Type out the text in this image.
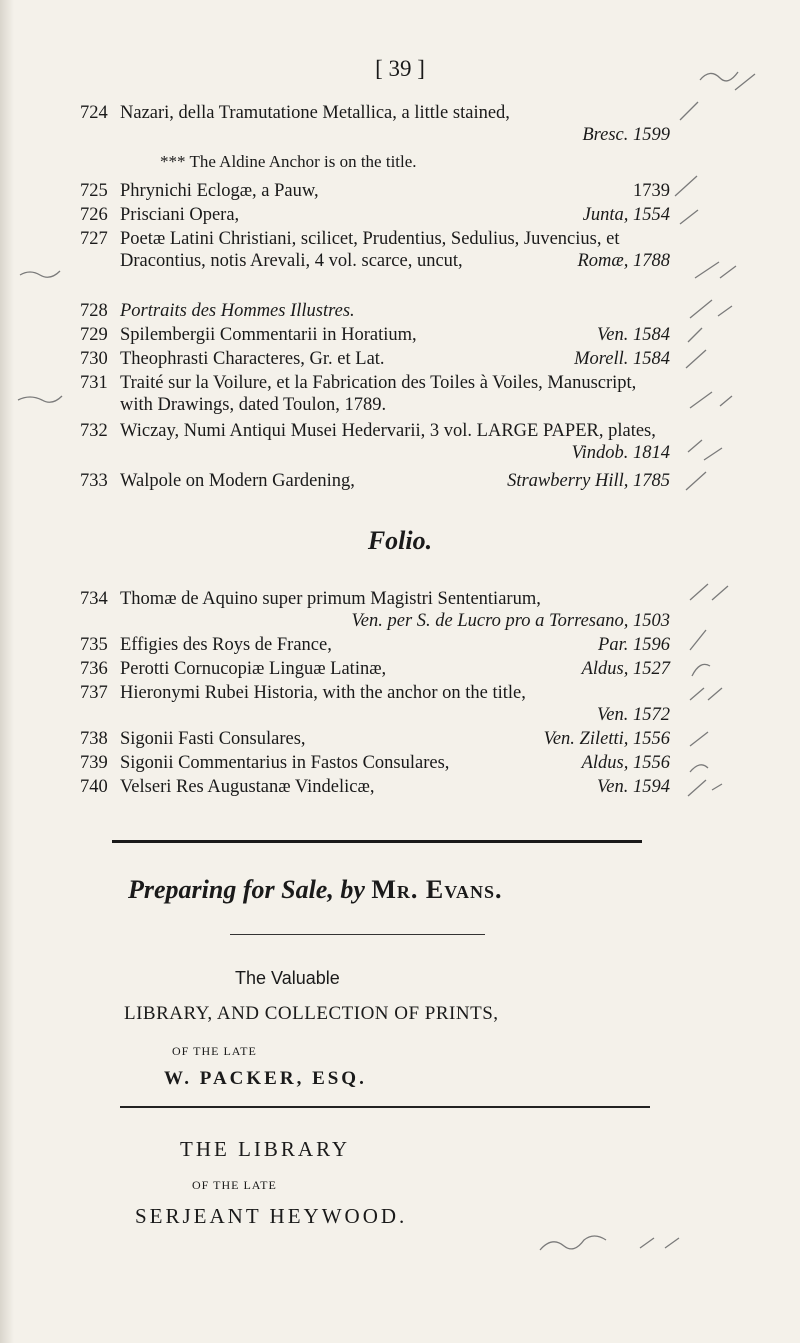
[ 39 ]
724 Nazari, della Tramutatione Metallica, a little stained,
Bresc. 1599
*** The Aldine Anchor is on the title.
725 Phrynichi Eclogæ, a Pauw,	1739
726 Prisciani Opera,	Junta, 1554
727 Poetæ Latini Christiani, scilicet, Prudentius, Sedulius, Juvencius, et Dracontius, notis Arevali, 4 vol. scarce, uncut,	Romæ, 1788
728 Portraits des Hommes Illustres.
729 Spilembergii Commentarii in Horatium,	Ven. 1584
730 Theophrasti Characteres, Gr. et Lat.	Morell. 1584
731 Traité sur la Voilure, et la Fabrication des Toiles à Voiles, Manuscript, with Drawings, dated Toulon, 1789.
732 Wiczay, Numi Antiqui Musei Hedervarii, 3 vol. LARGE PAPER, plates,
Vindob. 1814
Folio.
733 Walpole on Modern Gardening,	Strawberry Hill, 1785
734 Thomæ de Aquino super primum Magistri Sententiarum,
Ven. per S. de Lucro pro a Torresano, 1503
735 Effigies des Roys de France,	Par. 1596
736 Perotti Cornucopiæ Linguæ Latinæ,	Aldus, 1527
737 Hieronymi Rubei Historia, with the anchor on the title,
Ven. 1572
738 Sigonii Fasti Consulares,	Ven. Ziletti, 1556
739 Sigonii Commentarius in Fastos Consulares,	Aldus, 1556
740 Velseri Res Augustanæ Vindelicæ,	Ven. 1594
Preparing for Sale, by Mr. Evans.
The Valuable
LIBRARY, AND COLLECTION OF PRINTS,
OF THE LATE
W. PACKER, ESQ.
THE LIBRARY
OF THE LATE
SERJEANT HEYWOOD.
